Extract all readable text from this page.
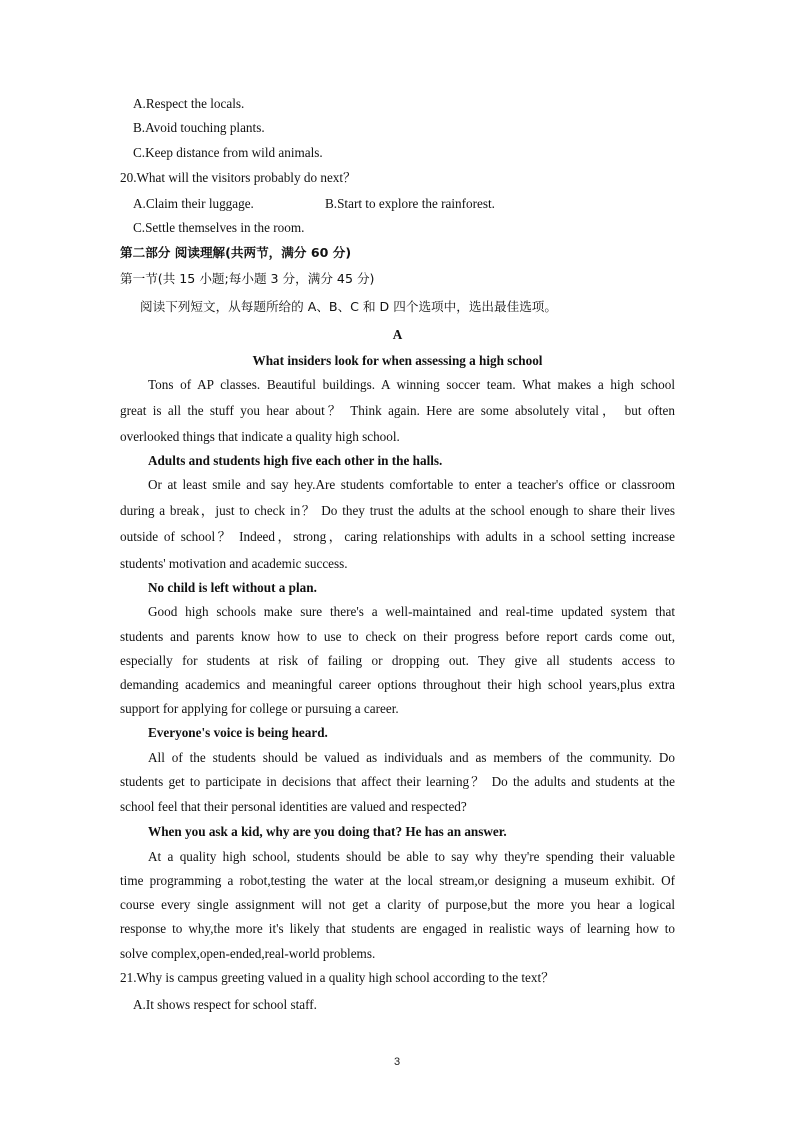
A.Respect the locals.
B.Avoid touching plants.
C.Keep distance from wild animals.
20.What will the visitors probably do next？
A.Claim their luggage.	B.Start to explore the rainforest.
C.Settle themselves in the room.
第二部分 阅读理解(共两节，满分 60 分)
第一节(共 15 小题;每小题 3 分，满分 45 分)
阅读下列短文，从每题所给的 A、B、C 和 D 四个选项中，选出最佳选项。
A
What insiders look for when assessing a high school
Tons of AP classes. Beautiful buildings. A winning soccer team. What makes a high school
great is all the stuff you hear about？ Think again. Here are some absolutely vital， but often
overlooked things that indicate a quality high school.
Adults and students high five each other in the halls.
Or at least smile and say hey.Are students comfortable to enter a teacher's office or classroom
during a break，just to check in？ Do they trust the adults at the school enough to share their lives
outside of school？ Indeed，strong，caring relationships with adults in a school setting increase
students' motivation and academic success.
No child is left without a plan.
Good high schools make sure there's a well-maintained and real-time updated system that
students and parents know how to use to check on their progress before report cards come out,
especially for students at risk of failing or dropping out. They give all students access to
demanding academics and meaningful career options throughout their high school years,plus extra
support for applying for college or pursuing a career.
Everyone's voice is being heard.
All of the students should be valued as individuals and as members of the community. Do
students get to participate in decisions that affect their learning？ Do the adults and students at the
school feel that their personal identities are valued and respected?
When you ask a kid, why are you doing that? He has an answer.
At a quality high school, students should be able to say why they're spending their valuable
time programming a robot,testing the water at the local stream,or designing a museum exhibit. Of
course every single assignment will not get a clarity of purpose,but the more you hear a logical
response to why,the more it's likely that students are engaged in realistic ways of learning how to
solve complex,open-ended,real-world problems.
21.Why is campus greeting valued in a quality high school according to the text？
A.It shows respect for school staff.
3
